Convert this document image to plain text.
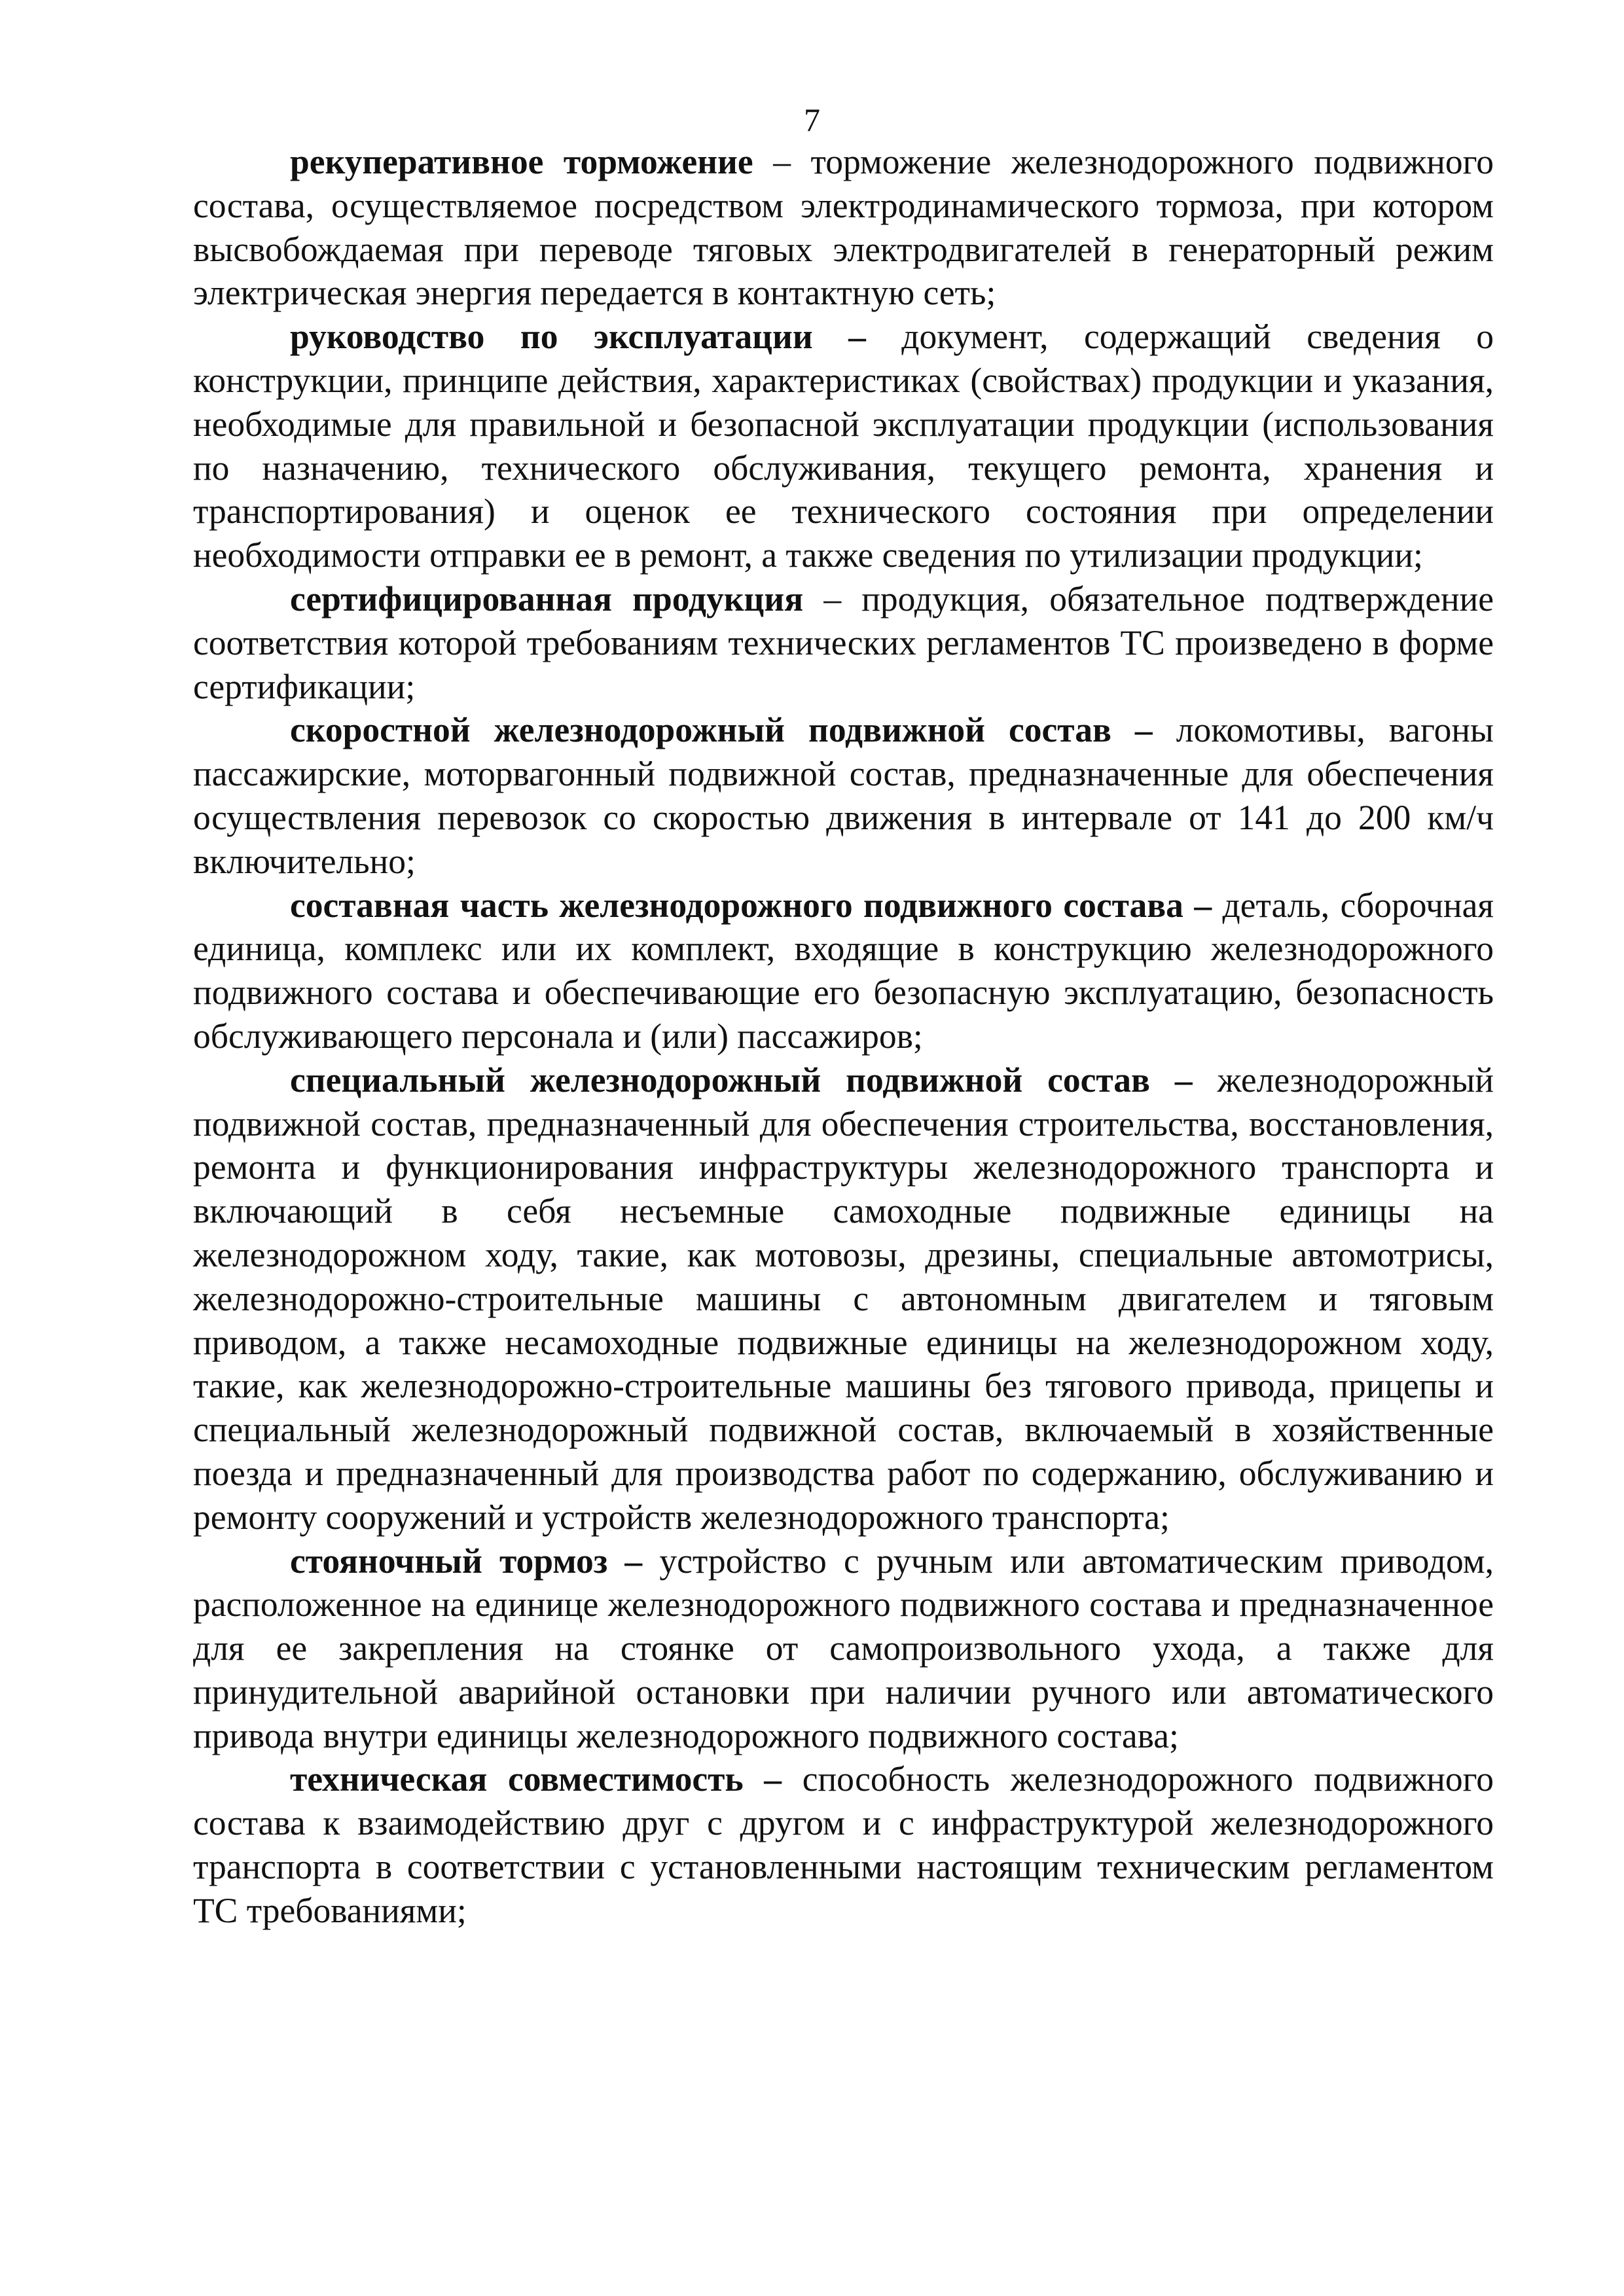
7

рекуперативное торможение – торможение железнодорожного подвижного состава, осуществляемое посредством электродинамического тормоза, при котором высвобождаемая при переводе тяговых электродвигателей в генераторный режим электрическая энергия передается в контактную сеть;

руководство по эксплуатации – документ, содержащий сведения о конструкции, принципе действия, характеристиках (свойствах) продукции и указания, необходимые для правильной и безопасной эксплуатации продукции (использования по назначению, технического обслуживания, текущего ремонта, хранения и транспортирования) и оценок ее технического состояния при определении необходимости отправки ее в ремонт, а также сведения по утилизации продукции;

сертифицированная продукция – продукция, обязательное подтверждение соответствия которой требованиям технических регламентов ТС произведено в форме сертификации;

скоростной железнодорожный подвижной состав – локомотивы, вагоны пассажирские, моторвагонный подвижной состав, предназначенные для обеспечения осуществления перевозок со скоростью движения в интервале от 141 до 200 км/ч включительно;

составная часть железнодорожного подвижного состава – деталь, сборочная единица, комплекс или их комплект, входящие в конструкцию железнодорожного подвижного состава и обеспечивающие его безопасную эксплуатацию, безопасность обслуживающего персонала и (или) пассажиров;

специальный железнодорожный подвижной состав – железнодорожный подвижной состав, предназначенный для обеспечения строительства, восстановления, ремонта и функционирования инфраструктуры железнодорожного транспорта и включающий в себя несъемные самоходные подвижные единицы на железнодорожном ходу, такие, как мотовозы, дрезины, специальные автомотрисы, железнодорожно-строительные машины с автономным двигателем и тяговым приводом, а также несамоходные подвижные единицы на железнодорожном ходу, такие, как железнодорожно-строительные машины без тягового привода, прицепы и специальный железнодорожный подвижной состав, включаемый в хозяйственные поезда и предназначенный для производства работ по содержанию, обслуживанию и ремонту сооружений и устройств железнодорожного транспорта;

стояночный тормоз – устройство с ручным или автоматическим приводом, расположенное на единице железнодорожного подвижного состава и предназначенное для ее закрепления на стоянке от самопроизвольного ухода, а также для принудительной аварийной остановки при наличии ручного или автоматического привода внутри единицы железнодорожного подвижного состава;

техническая совместимость – способность железнодорожного подвижного состава к взаимодействию друг с другом и с инфраструктурой железнодорожного транспорта в соответствии с установленными настоящим техническим регламентом ТС требованиями;
